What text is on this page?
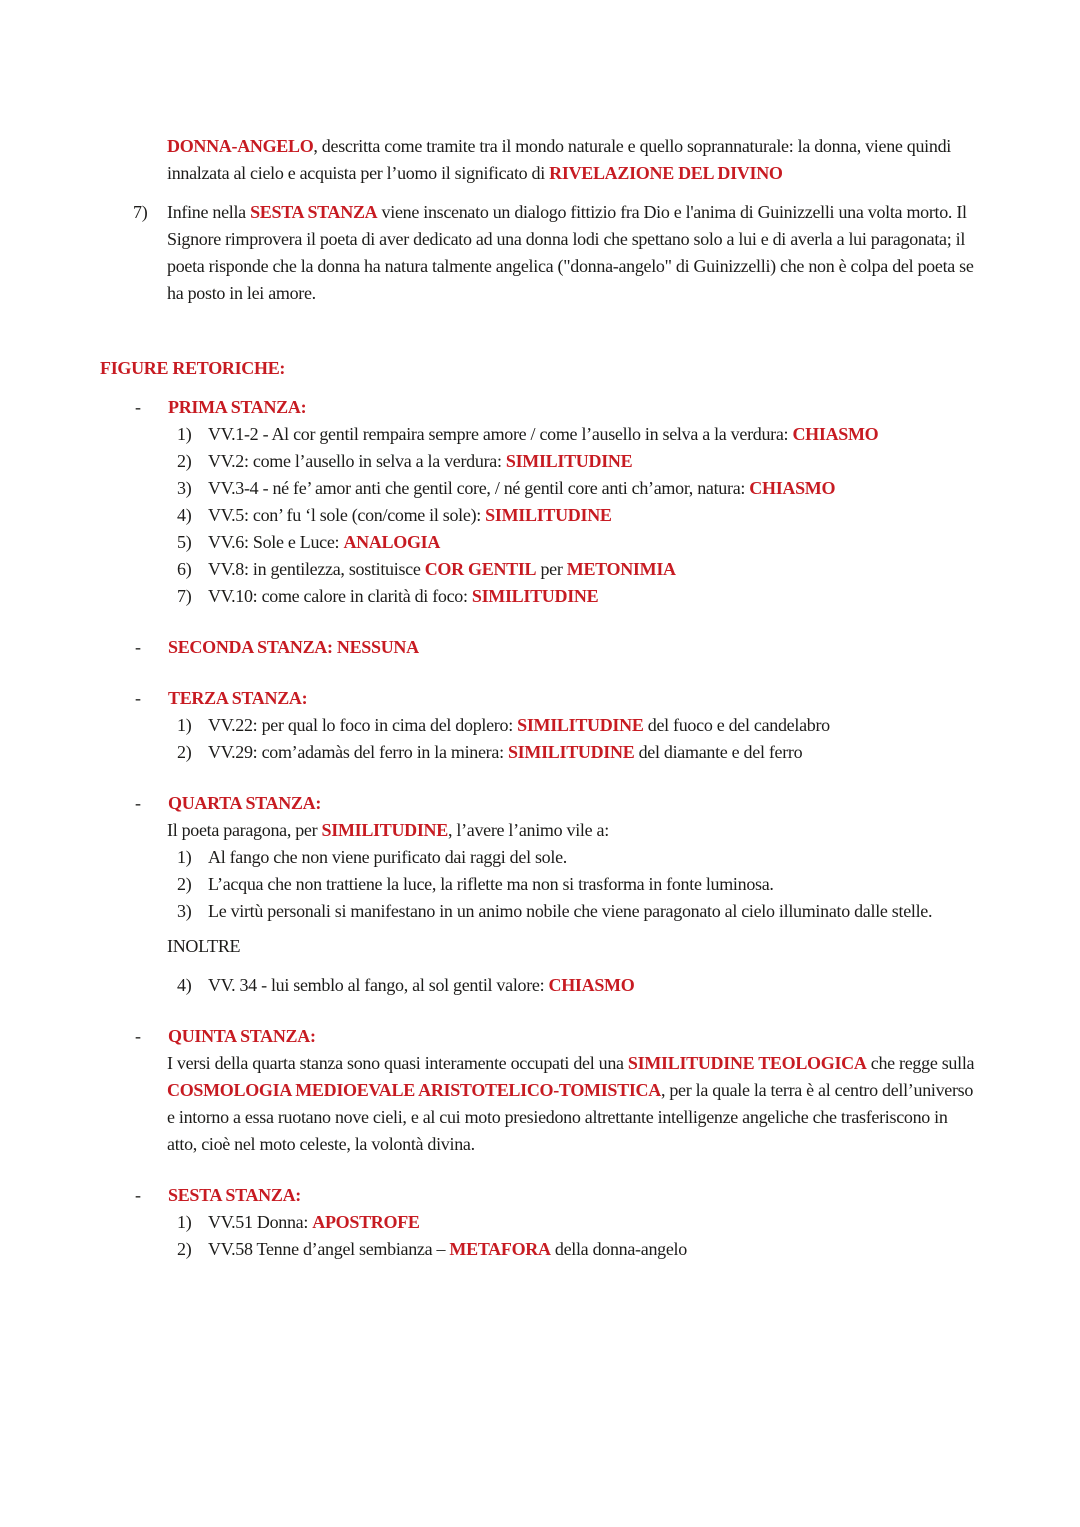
DONNA-ANGELO, descritta come tramite tra il mondo naturale e quello soprannaturale: la donna, viene quindi innalzata al cielo e acquista per l’uomo il significato di RIVELAZIONE DEL DIVINO
7)	Infine nella SESTA STANZA viene inscenato un dialogo fittizio fra Dio e l'anima di Guinizzelli una volta morto. Il Signore rimprovera il poeta di aver dedicato ad una donna lodi che spettano solo a lui e di averla a lui paragonata; il poeta risponde che la donna ha natura talmente angelica ("donna-angelo" di Guinizzelli) che non è colpa del poeta se ha posto in lei amore.
FIGURE RETORICHE:
-	PRIMA STANZA:
1) VV.1-2 - Al cor gentil rempaira sempre amore / come l’ausello in selva a la verdura: CHIASMO
2) VV.2: come l’ausello in selva a la verdura: SIMILITUDINE
3) VV.3-4 - né fe’ amor anti che gentil core, / né gentil core anti ch’amor, natura: CHIASMO
4) VV.5: con’ fu ‘l sole (con/come il sole): SIMILITUDINE
5) VV.6: Sole e Luce: ANALOGIA
6) VV.8: in gentilezza, sostituisce COR GENTIL per METONIMIA
7) VV.10: come calore in clarità di foco: SIMILITUDINE
-	SECONDA STANZA: NESSUNA
-	TERZA STANZA:
1) VV.22: per qual lo foco in cima del doplero: SIMILITUDINE del fuoco e del candelabro
2) VV.29: com’adamàs del ferro in la minera: SIMILITUDINE del diamante e del ferro
-	QUARTA STANZA:
Il poeta paragona, per SIMILITUDINE, l’avere l’animo vile a:
1) Al fango che non viene purificato dai raggi del sole.
2) L’acqua che non trattiene la luce, la riflette ma non si trasforma in fonte luminosa.
3) Le virtù personali si manifestano in un animo nobile che viene paragonato al cielo illuminato dalle stelle.
INOLTRE
4) VV. 34 - lui semblo al fango, al sol gentil valore: CHIASMO
-	QUINTA STANZA:
I versi della quarta stanza sono quasi interamente occupati del una SIMILITUDINE TEOLOGICA che regge sulla COSMOLOGIA MEDIOEVALE ARISTOTELICO-TOMISTICA, per la quale la terra è al centro dell’universo e intorno a essa ruotano nove cieli, e al cui moto presiedono altrettante intelligenze angeliche che trasferiscono in atto, cioè nel moto celeste, la volontà divina.
-	SESTA STANZA:
1) VV.51 Donna: APOSTROFE
2) VV.58 Tenne d’angel sembianza – METAFORA della donna-angelo
